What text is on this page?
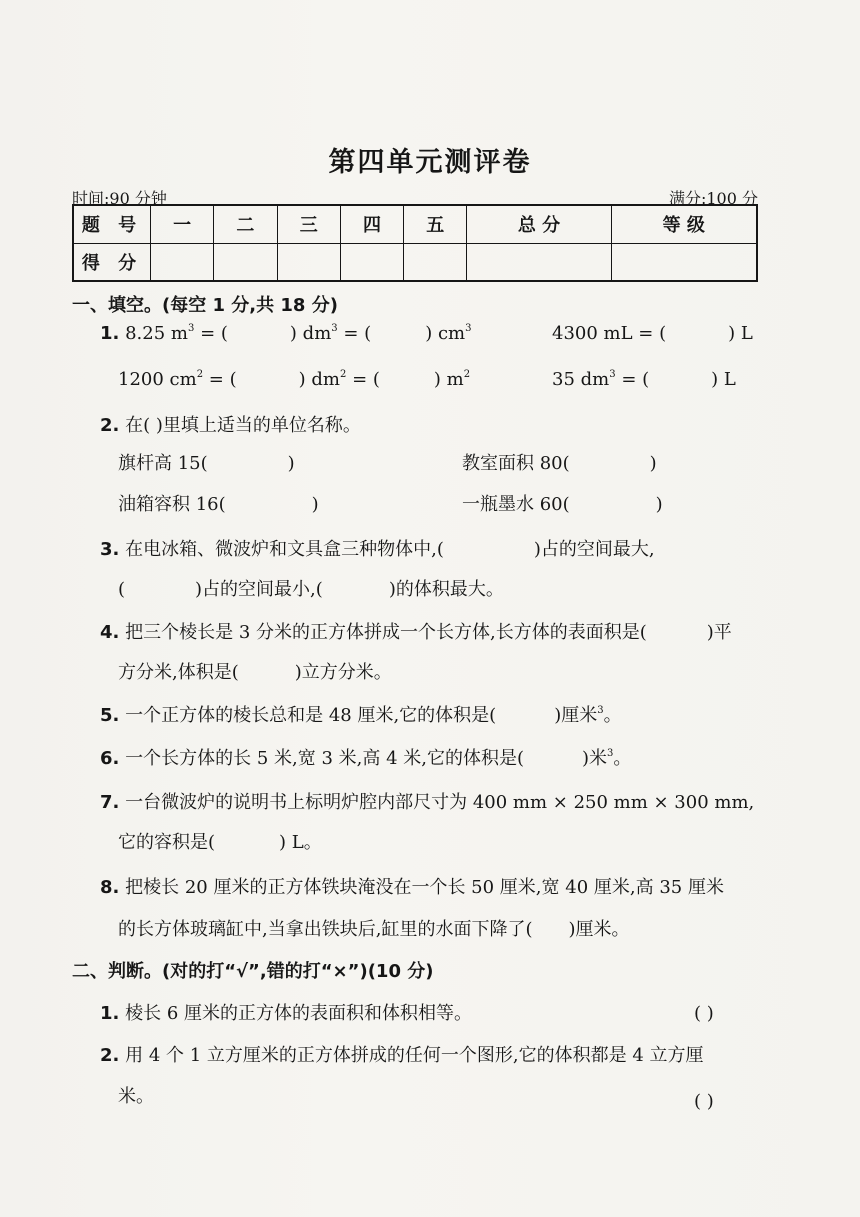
第四单元测评卷
时间:90 分钟	满分:100 分
题 号	一	二	三	四	五	总 分	等 级
得 分							
一、填空。(每空 1 分,共 18 分)
1. 8.25 $m^3$ = (	) $dm^3$ = (	) $cm^3$	4300 mL = (	) L
1200 $cm^2$ = (	) $dm^2$ = (	) $m^2$	35 $dm^3$ = (	) L
2. 在( )里填上适当的单位名称。
旗杆高 15(	)	教室面积 80(	)
油箱容积 16(	)	一瓶墨水 60(	)
3. 在电冰箱、微波炉和文具盒三种物体中,(	)占的空间最大,
(	)占的空间最小,(	)的体积最大。
4. 把三个棱长是 3 分米的正方体拼成一个长方体,长方体的表面积是(	)平
方分米,体积是(	)立方分米。
5. 一个正方体的棱长总和是 48 厘米,它的体积是(	)厘米$^3$。
6. 一个长方体的长 5 米,宽 3 米,高 4 米,它的体积是(	)米$^3$。
7. 一台微波炉的说明书上标明炉腔内部尺寸为 400 mm × 250 mm × 300 mm,
它的容积是(	) L。
8. 把棱长 20 厘米的正方体铁块淹没在一个长 50 厘米,宽 40 厘米,高 35 厘米
的长方体玻璃缸中,当拿出铁块后,缸里的水面下降了( )厘米。
二、判断。(对的打“√”,错的打“×”)(10 分)
1. 棱长 6 厘米的正方体的表面积和体积相等。	( )
2. 用 4 个 1 立方厘米的正方体拼成的任何一个图形,它的体积都是 4 立方厘
米。	( )
